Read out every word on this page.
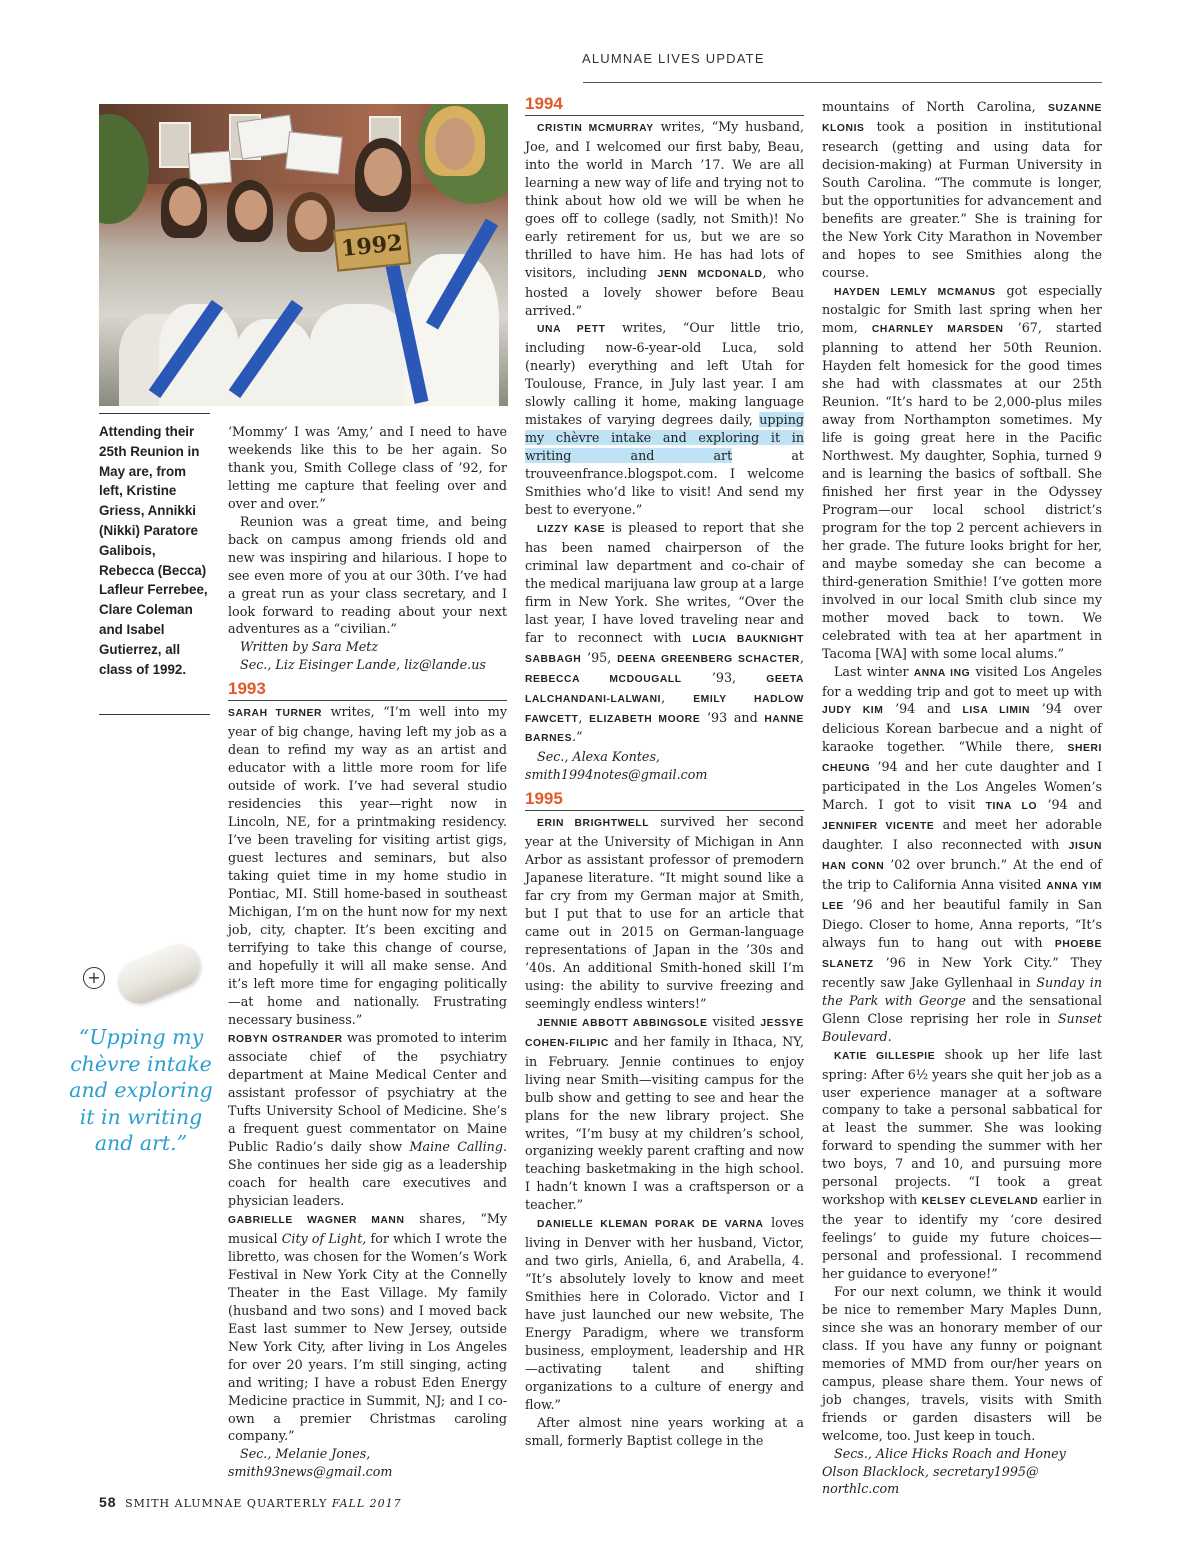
ALUMNAE LIVES UPDATE
1992
Attending their 25th Reunion in May are, from left, Kristine Griess, Annikki (Nikki) Paratore Galibois, Rebecca (Becca) Lafleur Ferrebee, Clare Coleman and Isabel Gutierrez, all class of 1992.
+
“Upping my chèvre intake and exploring it in writing and art.”

‘Mommy’ I was ‘Amy,’ and I need to have weekends like this to be her again. So thank you, Smith College class of ’92, for letting me capture that feeling over and over and over.”

Reunion was a great time, and being back on campus among friends old and new was inspiring and hilarious. I hope to see even more of you at our 30th. I’ve had a great run as your class secretary, and I look forward to reading about your next adventures as a “civilian.”

Written by Sara Metz

Sec., Liz Eisinger Lande, liz@lande.us

1993

SARAH TURNER writes, “I’m well into my year of big change, having left my job as a dean to refind my way as an artist and educator with a little more room for life outside of work. I’ve had several studio residencies this year—right now in Lincoln, NE, for a printmaking residency. I’ve been traveling for visiting artist gigs, guest lectures and seminars, but also taking quiet time in my home studio in Pontiac, MI. Still home-based in southeast Michigan, I’m on the hunt now for my next job, city, chapter. It’s been exciting and terrifying to take this change of course, and hopefully it will all make sense. And it’s left more time for engaging politically—at home and nationally. Frustrating necessary business.”

ROBYN OSTRANDER was promoted to interim associate chief of the psychiatry department at Maine Medical Center and assistant professor of psychiatry at the Tufts University School of Medicine. She’s a frequent guest commentator on Maine Public Radio’s daily show Maine Calling. She continues her side gig as a leadership coach for health care executives and physician leaders.

GABRIELLE WAGNER MANN shares, “My musical City of Light, for which I wrote the libretto, was chosen for the Women’s Work Festival in New York City at the Connelly Theater in the East Village. My family (husband and two sons) and I moved back East last summer to New Jersey, outside New York City, after living in Los Angeles for over 20 years. I’m still singing, acting and writing; I have a robust Eden Energy Medicine practice in Summit, NJ; and I co-own a premier Christmas caroling company.”

Sec., Melanie Jones,

smith93news@gmail.com

1994

CRISTIN MCMURRAY writes, “My husband, Joe, and I welcomed our first baby, Beau, into the world in March ’17. We are all learning a new way of life and trying not to think about how old we will be when he goes off to college (sadly, not Smith)! No early retirement for us, but we are so thrilled to have him. He has had lots of visitors, including JENN MCDONALD, who hosted a lovely shower before Beau arrived.”

UNA PETT writes, “Our little trio, including now-6-year-old Luca, sold (nearly) everything and left Utah for Toulouse, France, in July last year. I am slowly calling it home, making language mistakes of varying degrees daily, upping my chèvre intake and exploring it in writing and art at trouveenfrance.blogspot.com. I welcome Smithies who’d like to visit! And send my best to everyone.”

LIZZY KASE is pleased to report that she has been named chairperson of the criminal law department and co-chair of the medical marijuana law group at a large firm in New York. She writes, “Over the last year, I have loved traveling near and far to reconnect with LUCIA BAUKNIGHT SABBAGH ’95, DEENA GREENBERG SCHACTER, REBECCA MCDOUGALL ’93, GEETA LALCHANDANI-LALWANI, EMILY HADLOW FAWCETT, ELIZABETH MOORE ’93 and HANNE BARNES.”

Sec., Alexa Kontes,

smith1994notes@gmail.com

1995

ERIN BRIGHTWELL survived her second year at the University of Michigan in Ann Arbor as assistant professor of premodern Japanese literature. “It might sound like a far cry from my German major at Smith, but I put that to use for an article that came out in 2015 on German-language representations of Japan in the ’30s and ’40s. An additional Smith-honed skill I’m using: the ability to survive freezing and seemingly endless winters!”

JENNIE ABBOTT ABBINGSOLE visited JESSYE COHEN-FILIPIC and her family in Ithaca, NY, in February. Jennie continues to enjoy living near Smith—visiting campus for the bulb show and getting to see and hear the plans for the new library project. She writes, “I’m busy at my children’s school, organizing weekly parent crafting and now teaching basketmaking in the high school. I hadn’t known I was a craftsperson or a teacher.”

DANIELLE KLEMAN PORAK DE VARNA loves living in Denver with her husband, Victor, and two girls, Aniella, 6, and Arabella, 4. “It’s absolutely lovely to know and meet Smithies here in Colorado. Victor and I have just launched our new website, The Energy Paradigm, where we transform business, employment, leadership and HR—activating talent and shifting organizations to a culture of energy and flow.”

After almost nine years working at a small, formerly Baptist college in the

mountains of North Carolina, SUZANNE KLONIS took a position in institutional research (getting and using data for decision-making) at Furman University in South Carolina. “The commute is longer, but the opportunities for advancement and benefits are greater.” She is training for the New York City Marathon in November and hopes to see Smithies along the course.

HAYDEN LEMLY MCMANUS got especially nostalgic for Smith last spring when her mom, CHARNLEY MARSDEN ’67, started planning to attend her 50th Reunion. Hayden felt homesick for the good times she had with classmates at our 25th Reunion. “It’s hard to be 2,000-plus miles away from Northampton sometimes. My life is going great here in the Pacific Northwest. My daughter, Sophia, turned 9 and is learning the basics of softball. She finished her first year in the Odyssey Program—our local school district’s program for the top 2 percent achievers in her grade. The future looks bright for her, and maybe someday she can become a third-generation Smithie! I’ve gotten more involved in our local Smith club since my mother moved back to town. We celebrated with tea at her apartment in Tacoma [WA] with some local alums.”

Last winter ANNA ING visited Los Angeles for a wedding trip and got to meet up with JUDY KIM ’94 and LISA LIMIN ’94 over delicious Korean barbecue and a night of karaoke together. “While there, SHERI CHEUNG ’94 and her cute daughter and I participated in the Los Angeles Women’s March. I got to visit TINA LO ’94 and JENNIFER VICENTE and meet her adorable daughter. I also reconnected with JISUN HAN CONN ’02 over brunch.” At the end of the trip to California Anna visited ANNA YIM LEE ’96 and her beautiful family in San Diego. Closer to home, Anna reports, “It’s always fun to hang out with PHOEBE SLANETZ ’96 in New York City.” They recently saw Jake Gyllenhaal in Sunday in the Park with George and the sensational Glenn Close reprising her role in Sunset Boulevard.

KATIE GILLESPIE shook up her life last spring: After 6½ years she quit her job as a user experience manager at a software company to take a personal sabbatical for at least the summer. She was looking forward to spending the summer with her two boys, 7 and 10, and pursuing more personal projects. “I took a great workshop with KELSEY CLEVELAND earlier in the year to identify my ‘core desired feelings’ to guide my future choices—personal and professional. I recommend her guidance to everyone!”

For our next column, we think it would be nice to remember Mary Maples Dunn, since she was an honorary member of our class. If you have any funny or poignant memories of MMD from our/her years on campus, please share them. Your news of job changes, travels, visits with Smith friends or garden disasters will be welcome, too. Just keep in touch.

Secs., Alice Hicks Roach and Honey Olson Blacklock, secretary1995@ northlc.com

58 SMITH ALUMNAE QUARTERLY FALL 2017
